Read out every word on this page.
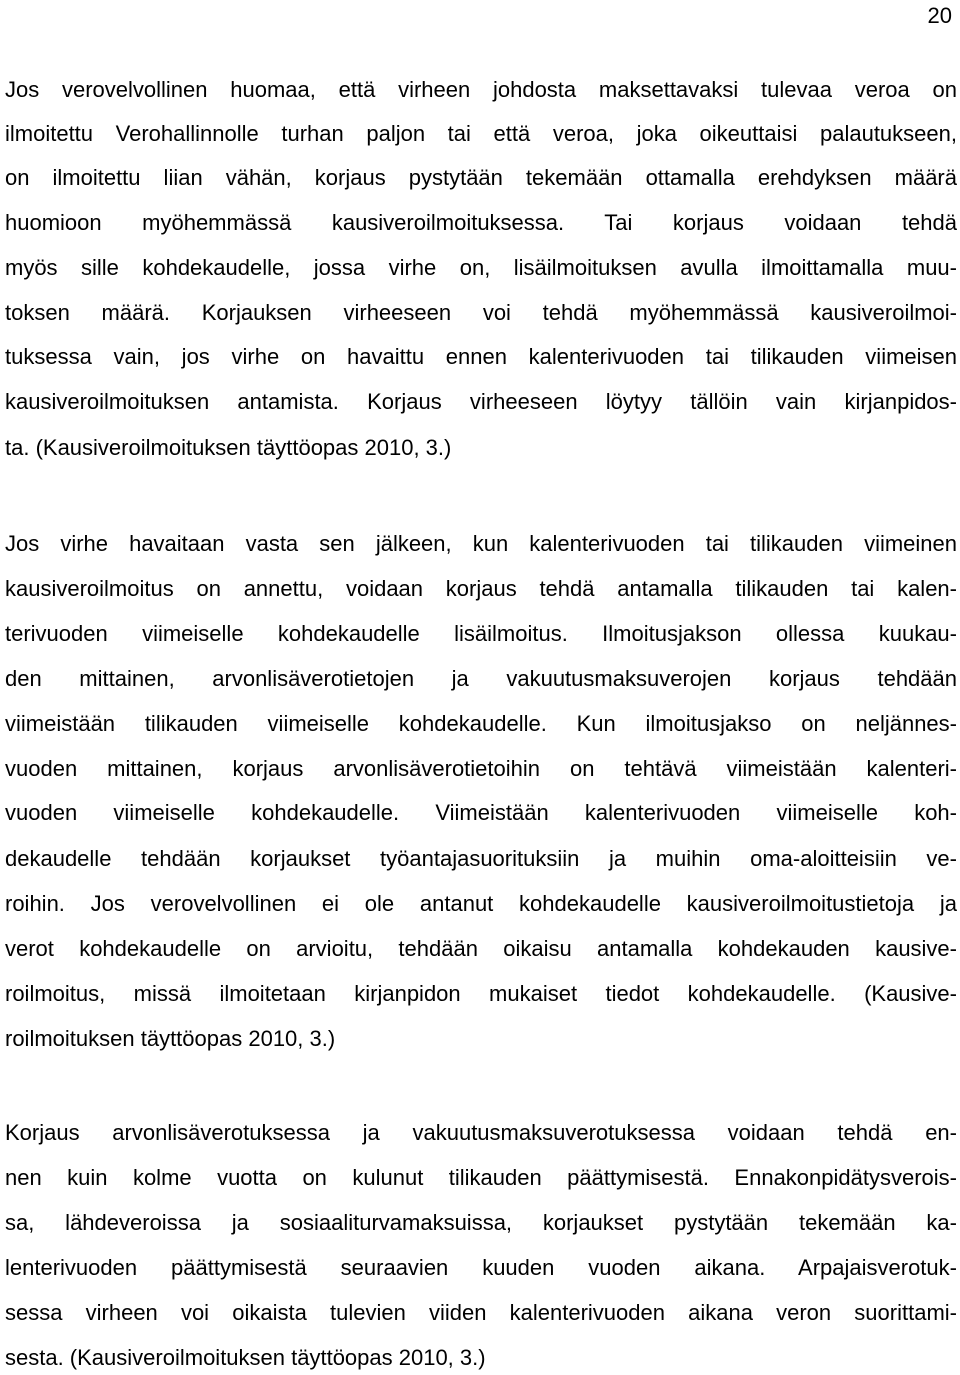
20
Jos verovelvollinen huomaa, että virheen johdosta maksettavaksi tulevaa veroa on
ilmoitettu Verohallinnolle turhan paljon tai että veroa, joka oikeuttaisi palautukseen,
on ilmoitettu liian vähän, korjaus pystytään tekemään ottamalla erehdyksen määrä
huomioon myöhemmässä kausiveroilmoituksessa. Tai korjaus voidaan tehdä
myös sille kohdekaudelle, jossa virhe on, lisäilmoituksen avulla ilmoittamalla muu-
toksen määrä. Korjauksen virheeseen voi tehdä myöhemmässä kausiveroilmoi-
tuksessa vain, jos virhe on havaittu ennen kalenterivuoden tai tilikauden viimeisen
kausiveroilmoituksen antamista. Korjaus virheeseen löytyy tällöin vain kirjanpidos-
ta. (Kausiveroilmoituksen täyttöopas 2010, 3.)
Jos virhe havaitaan vasta sen jälkeen, kun kalenterivuoden tai tilikauden viimeinen
kausiveroilmoitus on annettu, voidaan korjaus tehdä antamalla tilikauden tai kalen-
terivuoden viimeiselle kohdekaudelle lisäilmoitus. Ilmoitusjakson ollessa kuukau-
den mittainen, arvonlisäverotietojen ja vakuutusmaksuverojen korjaus tehdään
viimeistään tilikauden viimeiselle kohdekaudelle. Kun ilmoitusjakso on neljännes-
vuoden mittainen, korjaus arvonlisäverotietoihin on tehtävä viimeistään kalenteri-
vuoden viimeiselle kohdekaudelle. Viimeistään kalenterivuoden viimeiselle koh-
dekaudelle tehdään korjaukset työantajasuorituksiin ja muihin oma-aloitteisiin ve-
roihin. Jos verovelvollinen ei ole antanut kohdekaudelle kausiveroilmoitustietoja ja
verot kohdekaudelle on arvioitu, tehdään oikaisu antamalla kohdekauden kausive-
roilmoitus, missä ilmoitetaan kirjanpidon mukaiset tiedot kohdekaudelle. (Kausive-
roilmoituksen täyttöopas 2010, 3.)
Korjaus arvonlisäverotuksessa ja vakuutusmaksuverotuksessa voidaan tehdä en-
nen kuin kolme vuotta on kulunut tilikauden päättymisestä. Ennakonpidätysverois-
sa, lähdeveroissa ja sosiaaliturvamaksuissa, korjaukset pystytään tekemään ka-
lenterivuoden päättymisestä seuraavien kuuden vuoden aikana. Arpajaisverotuk-
sessa virheen voi oikaista tulevien viiden kalenterivuoden aikana veron suorittami-
sesta. (Kausiveroilmoituksen täyttöopas 2010, 3.)
